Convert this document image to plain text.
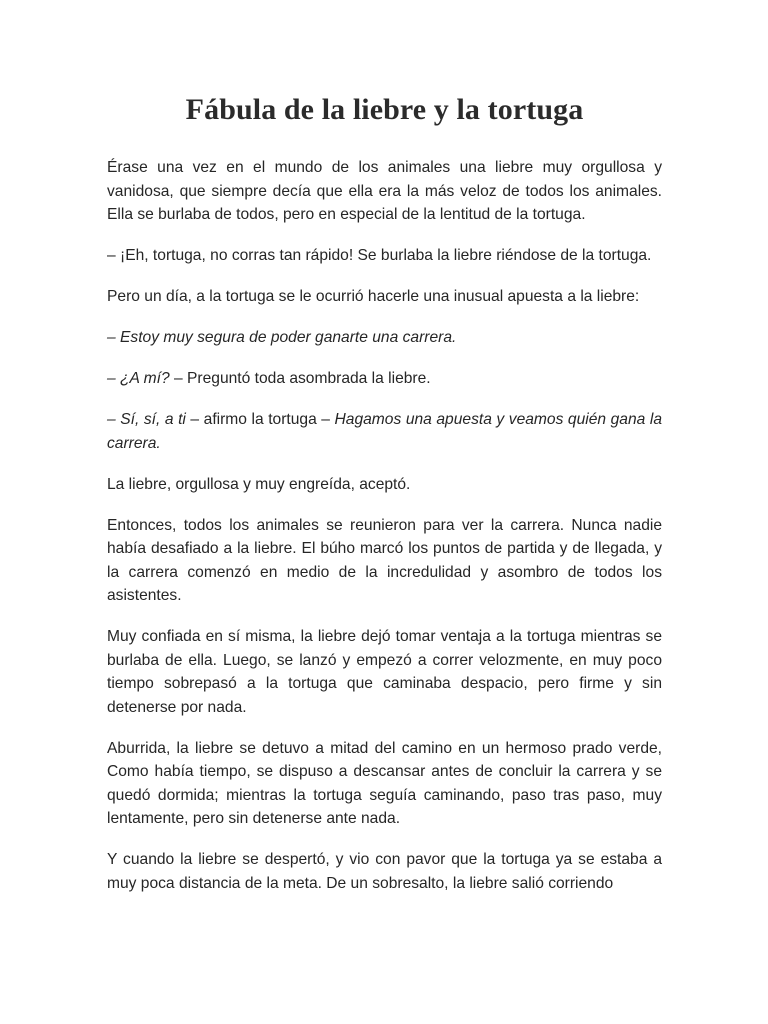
Fábula de la liebre y la tortuga

Érase una vez en el mundo de los animales una liebre muy orgullosa y vanidosa, que siempre decía que ella era la más veloz de todos los animales. Ella se burlaba de todos, pero en especial de la lentitud de la tortuga.

– ¡Eh, tortuga, no corras tan rápido! Se burlaba la liebre riéndose de la tortuga.

Pero un día, a la tortuga se le ocurrió hacerle una inusual apuesta a la liebre:

– Estoy muy segura de poder ganarte una carrera.

– ¿A mí? – Preguntó toda asombrada la liebre.

– Sí, sí, a ti – afirmo la tortuga – Hagamos una apuesta y veamos quién gana la carrera.

La liebre, orgullosa y muy engreída, aceptó.

Entonces, todos los animales se reunieron para ver la carrera. Nunca nadie había desafiado a la liebre. El búho marcó los puntos de partida y de llegada, y la carrera comenzó en medio de la incredulidad y asombro de todos los asistentes.

Muy confiada en sí misma, la liebre dejó tomar ventaja a la tortuga mientras se burlaba de ella. Luego, se lanzó y empezó a correr velozmente, en muy poco tiempo sobrepasó a la tortuga que caminaba despacio, pero firme y sin detenerse por nada.

Aburrida, la liebre se detuvo a mitad del camino en un hermoso prado verde, Como había tiempo, se dispuso a descansar antes de concluir la carrera y se quedó dormida; mientras la tortuga seguía caminando, paso tras paso, muy lentamente, pero sin detenerse ante nada.

Y cuando la liebre se despertó, y vio con pavor que la tortuga ya se estaba a muy poca distancia de la meta. De un sobresalto, la liebre salió corriendo
